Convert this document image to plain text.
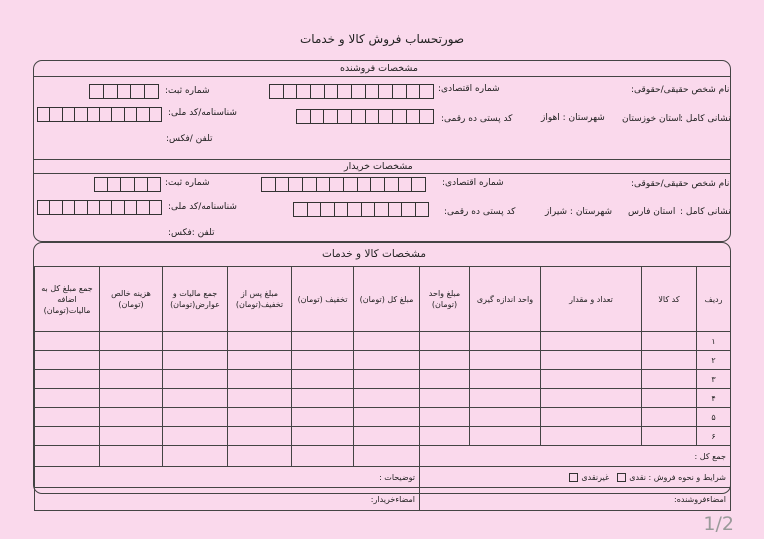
صورتحساب فروش کالا و خدمات
مشخصات فروشنده
نام شخص حقیقی/حقوقی:
شماره اقتصادی:
شماره ثبت:
نشانی کامل :
استان خوزستان
شهرستان : اهواز
کد پستی ده رقمی:
شناسنامه/کد ملی:
تلفن /فکس:
مشخصات خریدار
نام شخص حقیقی/حقوقی:
شماره اقتصادی:
شماره ثبت:
نشانی کامل :
استان فارس
شهرستان : شیراز
کد پستی ده رقمی:
شناسنامه/کد ملی:
تلفن :فکس:
مشخصات کالا و خدمات
ردیف	کد کالا	تعداد و مقدار	واحد اندازه گیری	مبلغ واحد (تومان)	مبلغ کل (تومان)	تخفیف (تومان)	مبلغ پس از تخفیف(تومان)	جمع مالیات و عوارض(تومان)	هزینه خالص (تومان)	جمع مبلغ کل به اضافه مالیات(تومان)
۱										
۲										
۳										
۴										
۵										
۶										
جمع کل :										
شرایط و نحوه فروش : نقدی  غیرنقدی					توضیحات :					
امضاءفروشنده:					امضاءخریدار:					
1/2
